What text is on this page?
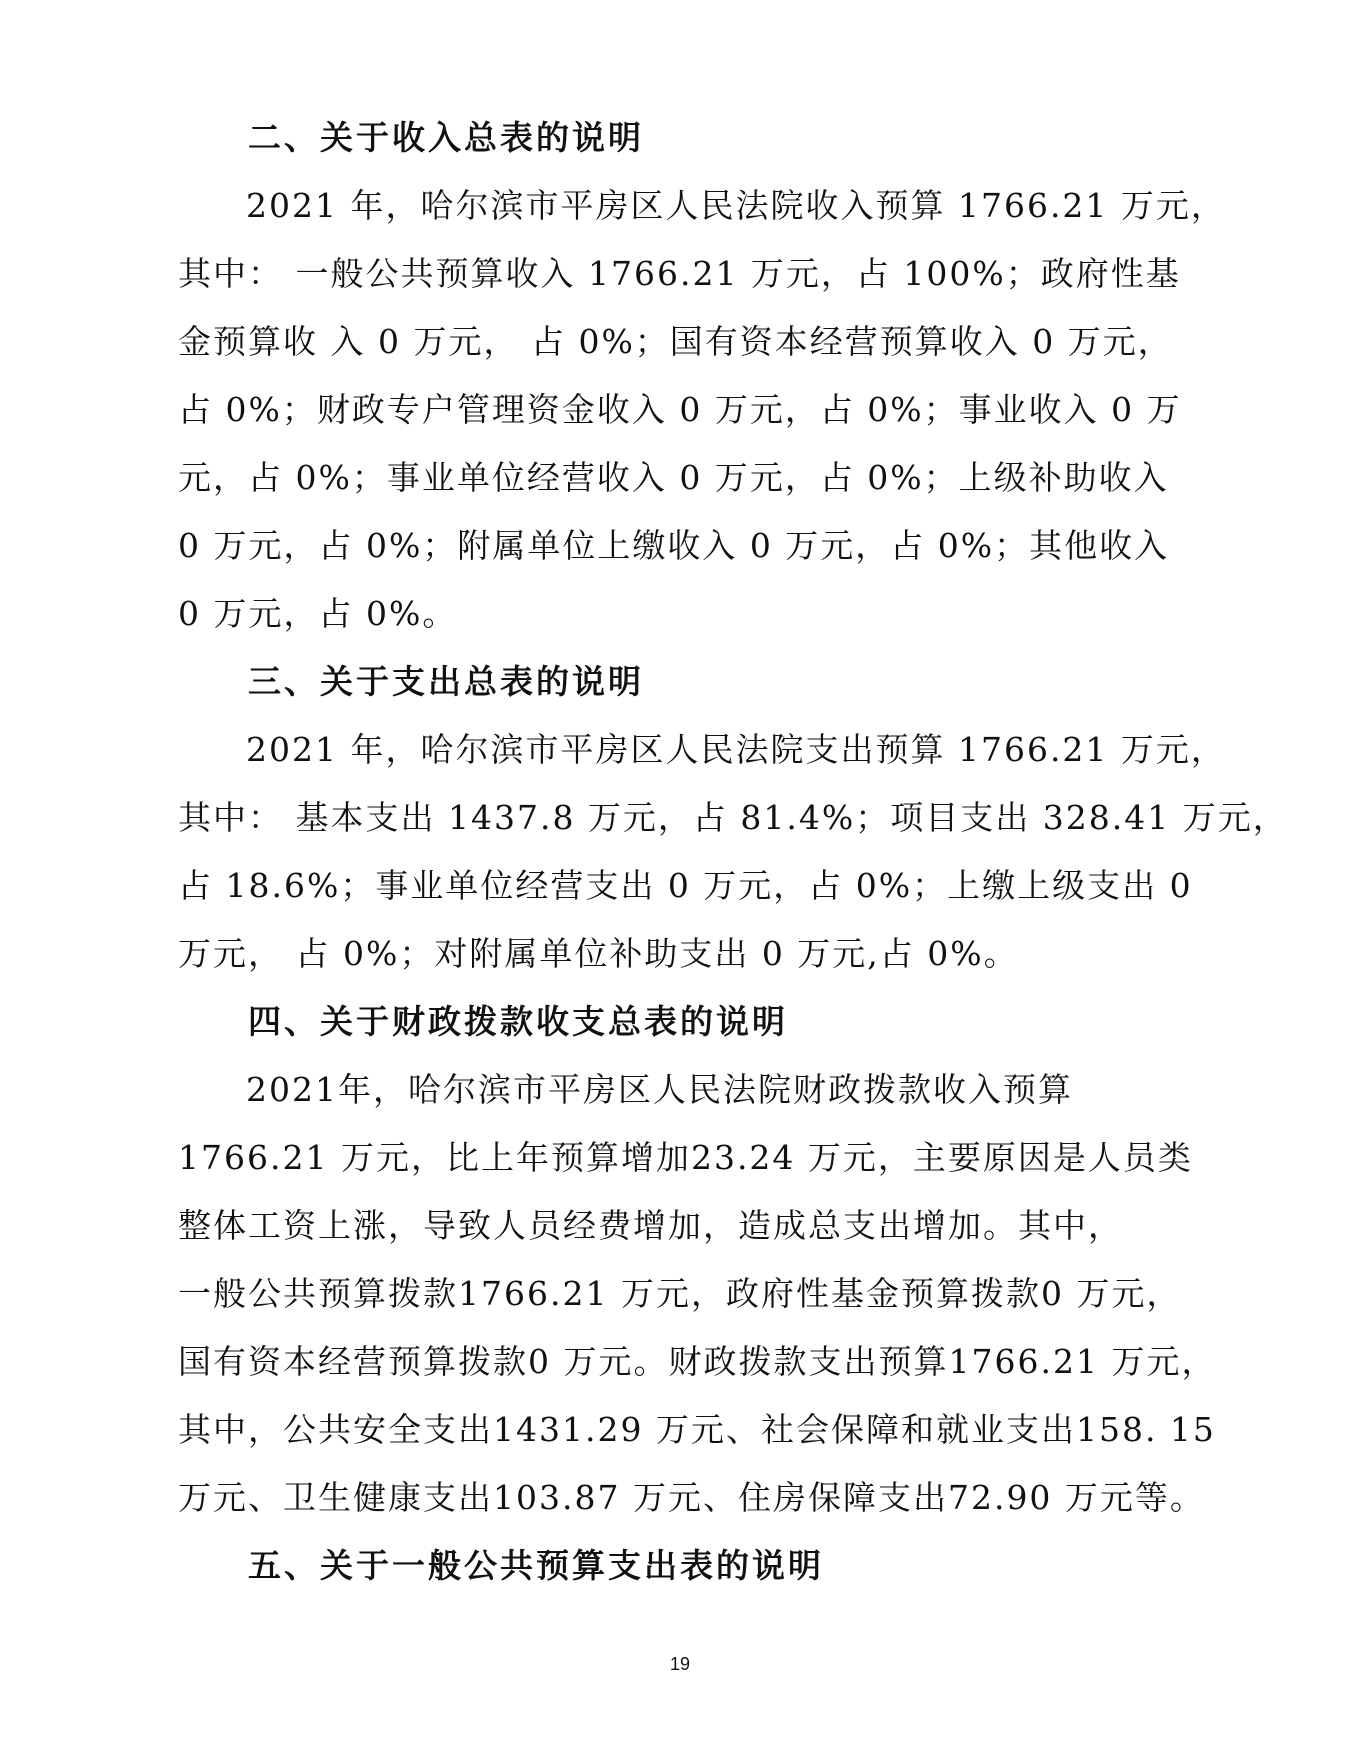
二、关于收入总表的说明
2021 年，哈尔滨市平房区人民法院收入预算 1766.21 万元，
其中： 一般公共预算收入 1766.21 万元，占 100%；政府性基
金预算收 入 0 万元， 占 0%；国有资本经营预算收入 0 万元，
占 0%；财政专户管理资金收入 0 万元，占 0%；事业收入 0 万
元，占 0%；事业单位经营收入 0 万元，占 0%；上级补助收入
0 万元，占 0%；附属单位上缴收入 0 万元，占 0%；其他收入
0 万元，占 0%。
三、关于支出总表的说明
2021 年，哈尔滨市平房区人民法院支出预算 1766.21 万元，
其中： 基本支出 1437.8 万元，占 81.4%；项目支出 328.41 万元，
占 18.6%；事业单位经营支出 0 万元，占 0%；上缴上级支出 0
万元， 占 0%；对附属单位补助支出 0 万元,占 0%。
四、关于财政拨款收支总表的说明
2021年，哈尔滨市平房区人民法院财政拨款收入预算
1766.21 万元，比上年预算增加23.24 万元，主要原因是人员类
整体工资上涨，导致人员经费增加，造成总支出增加。其中，
一般公共预算拨款1766.21 万元，政府性基金预算拨款0 万元，
国有资本经营预算拨款0 万元。财政拨款支出预算1766.21 万元，
其中，公共安全支出1431.29 万元、社会保障和就业支出158. 15
万元、卫生健康支出103.87 万元、住房保障支出72.90 万元等。
五、关于一般公共预算支出表的说明
19
